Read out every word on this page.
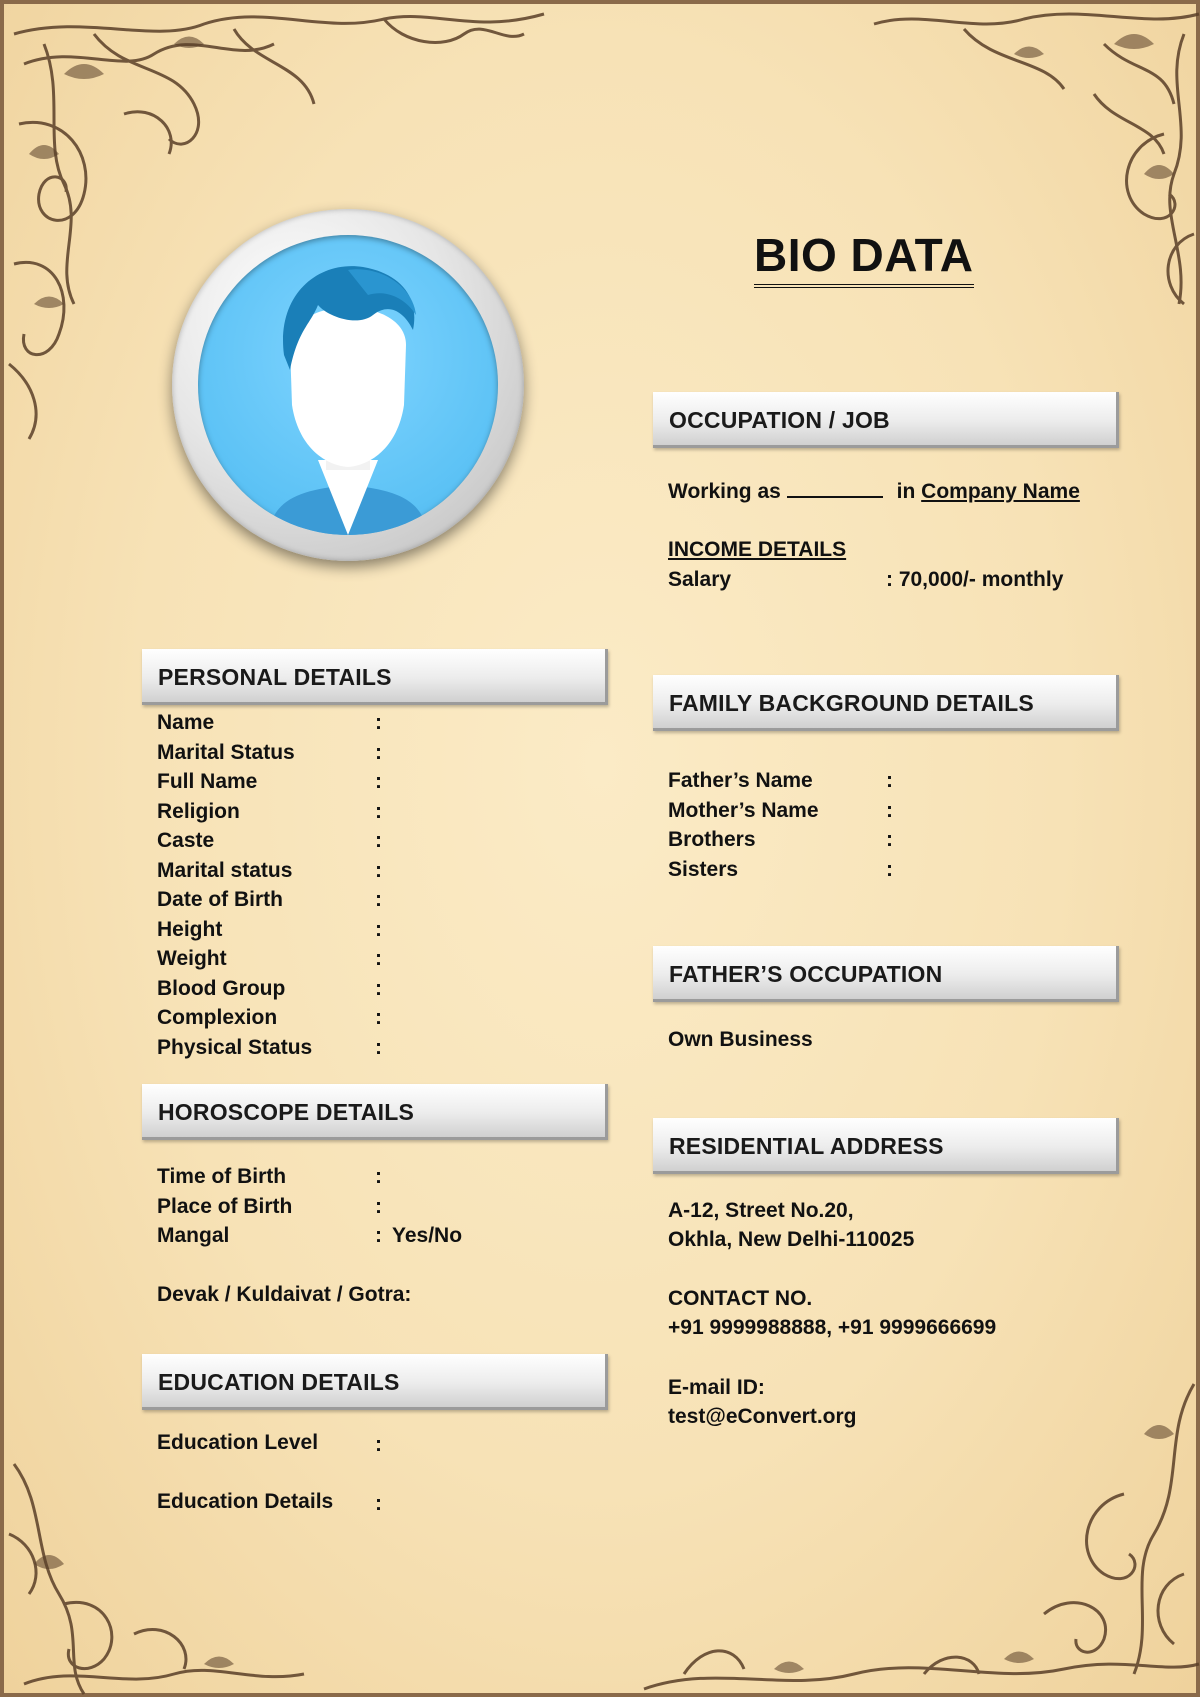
BIO DATA
PERSONAL DETAILS
Name	:
Marital Status	:
Full Name	:
Religion	:
Caste	:
Marital status	:
Date of Birth	:
Height	:
Weight	:
Blood Group	:
Complexion	:
Physical Status	:
HOROSCOPE DETAILS
Time of Birth	:
Place of Birth	:
Mangal	: Yes/No
Devak / Kuldaivat / Gotra:
EDUCATION DETAILS
Education Level	:
Education Details :
OCCUPATION / JOB
Working as	in Company Name
INCOME DETAILS
Salary	: 70,000/- monthly
FAMILY BACKGROUND DETAILS
Father’s Name	:
Mother’s Name	:
Brothers	:
Sisters	:
FATHER’S OCCUPATION
Own Business
RESIDENTIAL ADDRESS
A-12, Street No.20,
Okhla, New Delhi-110025
CONTACT NO.
+91 9999988888, +91 9999666699
E-mail ID:
test@eConvert.org
